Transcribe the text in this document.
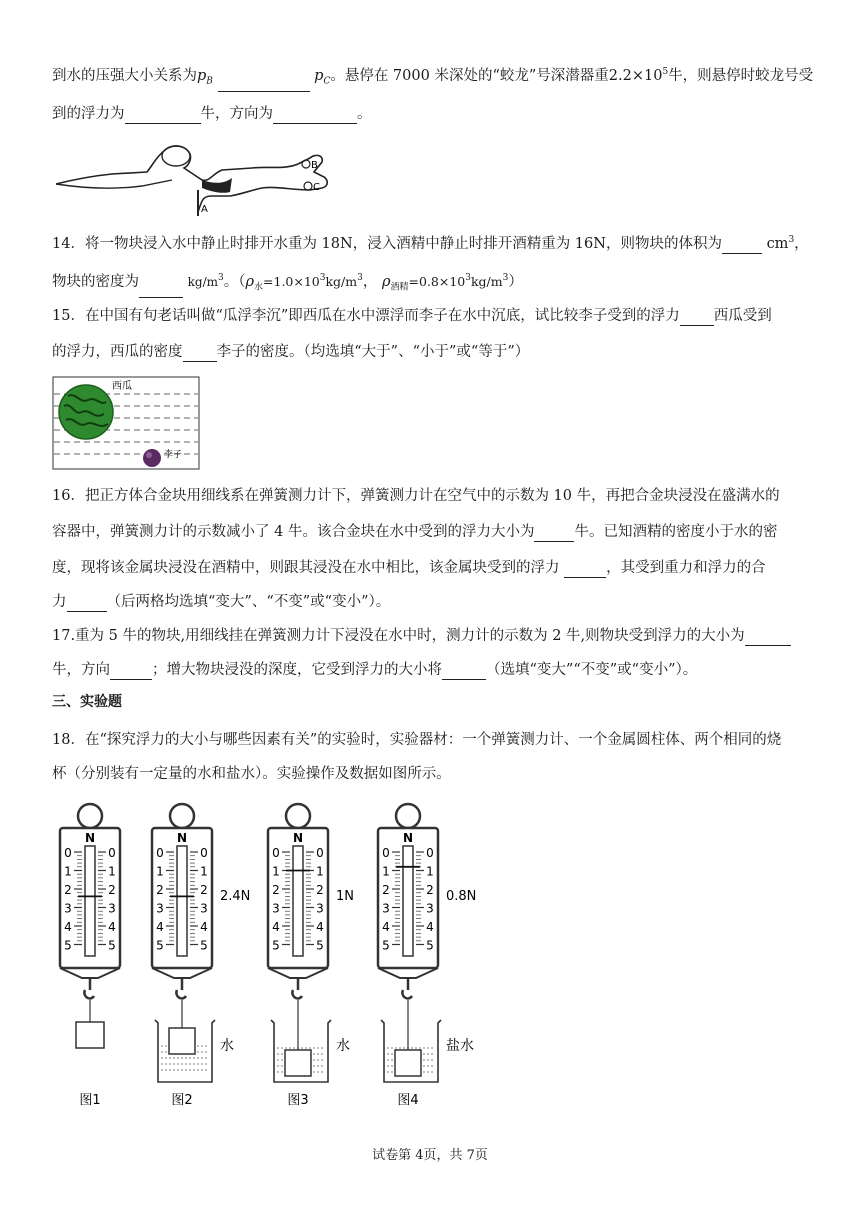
到水的压强大小关系为$p_B$	$p_C$。悬停在 7000 米深处的“蛟龙”号深潜器重$2.2\times 10^5$牛，则悬停时蛟龙号受
到的浮力为	牛，方向为	。
A
B
C
14．将一物块浸入水中静止时排开水重为 18N，浸入酒精中静止时排开酒精重为 16N，则物块的体积为	$cm^3$，
物块的密度为	$kg/m^3$。（$\rho_水=1.0\times 10^3kg/m^3$， $\rho_{酒精}=0.8\times 10^3kg/m^3$）
15．在中国有句老话叫做“瓜浮李沉”即西瓜在水中漂浮而李子在水中沉底，试比较李子受到的浮力 西瓜受到
的浮力，西瓜的密度 李子的密度。（均选填“大于”、“小于”或“等于”）
西瓜
李子
16．把正方体合金块用细线系在弹簧测力计下，弹簧测力计在空气中的示数为 10 牛，再把合金块浸没在盛满水的
容器中，弹簧测力计的示数减小了 4 牛。该合金块在水中受到的浮力大小为	牛。已知酒精的密度小于水的密
度，现将该金属块浸没在酒精中，则跟其浸没在水中相比，该金属块受到的浮力	，其受到重力和浮力的合
力	（后两格均选填“变大”、“不变”或“变小”）。
17.重为 5 牛的物块,用细线挂在弹簧测力计下浸没在水中时，测力计的示数为 2 牛,则物块受到浮力的大小为
牛，方向	；增大物块浸没的深度，它受到浮力的大小将	（选填“变大”“不变”或“变小”）。
三、实验题
18．在“探究浮力的大小与哪些因素有关”的实验时，实验器材：一个弹簧测力计、一个金属圆柱体、两个相同的烧
杯（分别装有一定量的水和盐水）。实验操作及数据如图所示。
N
0	0
1	1
2	2
3	3
4	4
5	5
图1
N
0	0
1	1
2	2
3	3
4	4
5	5
2.4N
水
图2
N
0	0
1	1
2	2
3	3
4	4
5	5
1N
水
图3
N
0	0
1	1
2	2
3	3
4	4
5	5
0.8N
盐水
图4
试卷第 4页，共 7页
